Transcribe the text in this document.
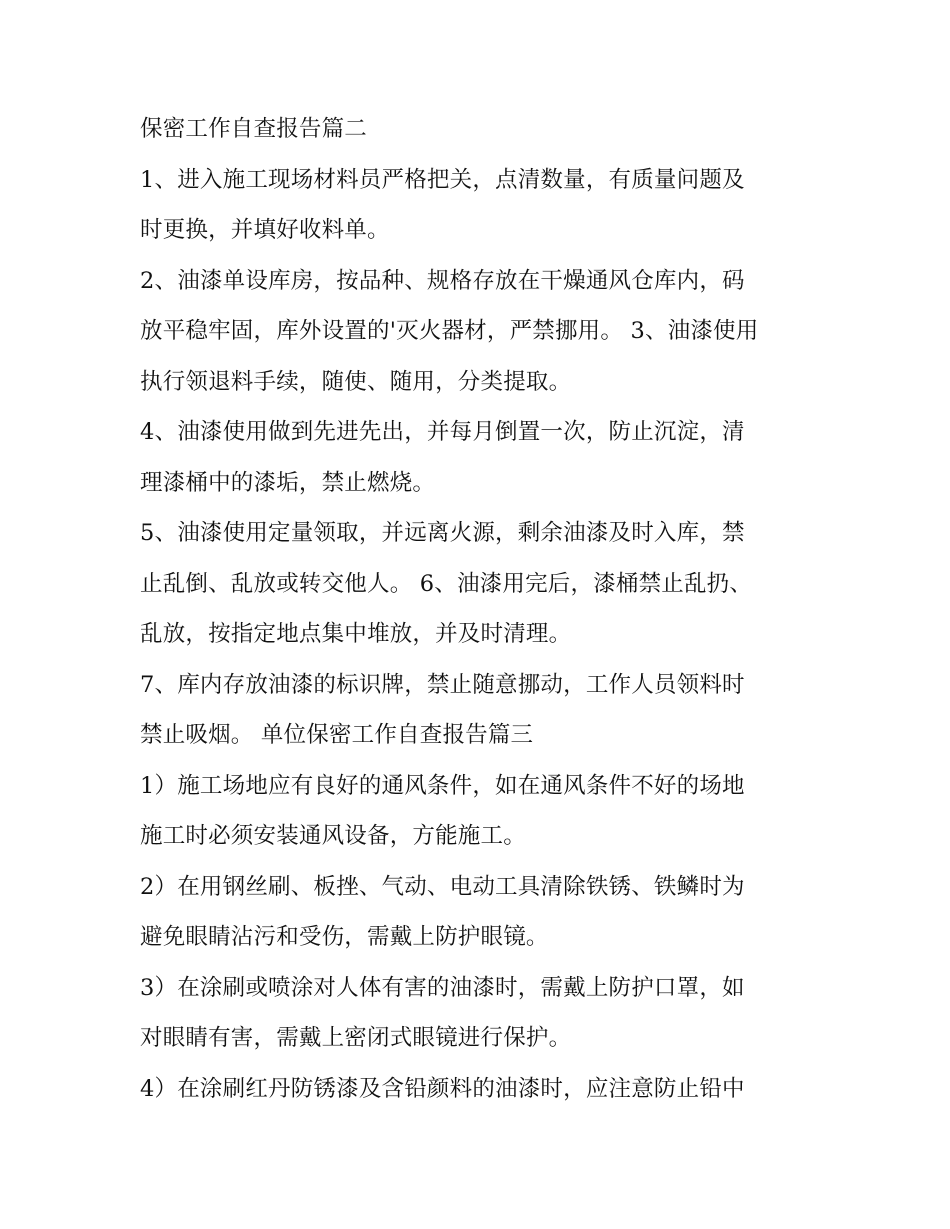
保密工作自查报告篇二
1、进入施工现场材料员严格把关，点清数量，有质量问题及
时更换，并填好收料单。
2、油漆单设库房，按品种、规格存放在干燥通风仓库内，码
放平稳牢固，库外设置的'灭火器材，严禁挪用。 3、油漆使用
执行领退料手续，随使、随用，分类提取。
4、油漆使用做到先进先出，并每月倒置一次，防止沉淀，清
理漆桶中的漆垢，禁止燃烧。
5、油漆使用定量领取，并远离火源，剩余油漆及时入库，禁
止乱倒、乱放或转交他人。 6、油漆用完后，漆桶禁止乱扔、
乱放，按指定地点集中堆放，并及时清理。
7、库内存放油漆的标识牌，禁止随意挪动，工作人员领料时
禁止吸烟。 单位保密工作自查报告篇三
1）施工场地应有良好的通风条件，如在通风条件不好的场地
施工时必须安装通风设备，方能施工。
2）在用钢丝刷、板挫、气动、电动工具清除铁锈、铁鳞时为
避免眼睛沾污和受伤，需戴上防护眼镜。
3）在涂刷或喷涂对人体有害的油漆时，需戴上防护口罩，如
对眼睛有害，需戴上密闭式眼镜进行保护。
4）在涂刷红丹防锈漆及含铅颜料的油漆时，应注意防止铅中
